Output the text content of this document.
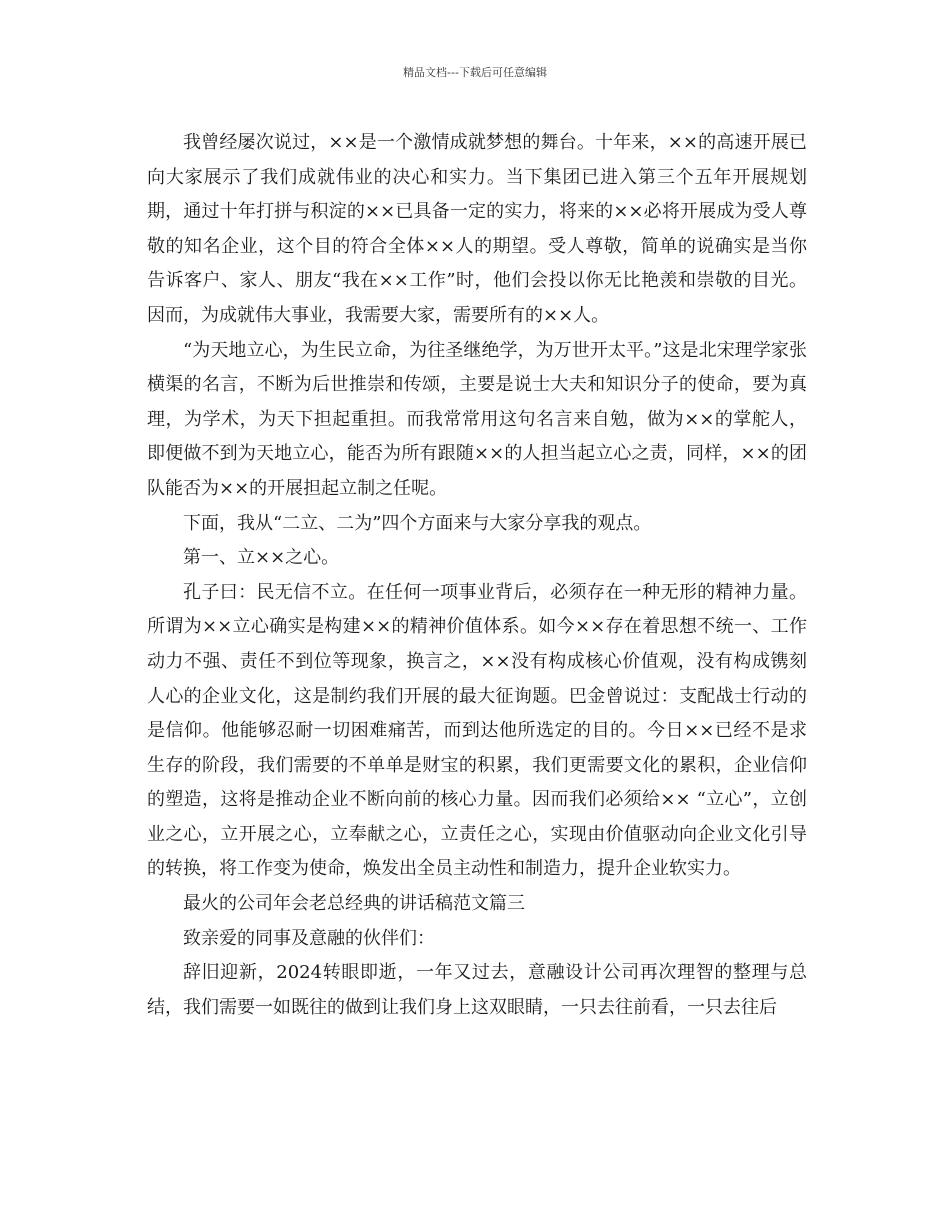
精品文档---下载后可任意编辑

我曾经屡次说过，××是一个激情成就梦想的舞台。十年来，××的高速开展已向大家展示了我们成就伟业的决心和实力。当下集团已进入第三个五年开展规划期，通过十年打拼与积淀的××已具备一定的实力，将来的××必将开展成为受人尊敬的知名企业，这个目的符合全体××人的期望。受人尊敬，简单的说确实是当你告诉客户、家人、朋友“我在××工作”时，他们会投以你无比艳羡和崇敬的目光。因而，为成就伟大事业，我需要大家，需要所有的××人。

“为天地立心，为生民立命，为往圣继绝学，为万世开太平。”这是北宋理学家张横渠的名言，不断为后世推崇和传颂，主要是说士大夫和知识分子的使命，要为真理，为学术，为天下担起重担。而我常常用这句名言来自勉，做为××的掌舵人，即便做不到为天地立心，能否为所有跟随××的人担当起立心之责，同样，××的团队能否为××的开展担起立制之任呢。

下面，我从“二立、二为”四个方面来与大家分享我的观点。

第一、立××之心。

孔子曰：民无信不立。在任何一项事业背后，必须存在一种无形的精神力量。所谓为××立心确实是构建××的精神价值体系。如今××存在着思想不统一、工作动力不强、责任不到位等现象，换言之，××没有构成核心价值观，没有构成镌刻人心的企业文化，这是制约我们开展的最大征询题。巴金曾说过：支配战士行动的是信仰。他能够忍耐一切困难痛苦，而到达他所选定的目的。今日××已经不是求生存的阶段，我们需要的不单单是财宝的积累，我们更需要文化的累积，企业信仰的塑造，这将是推动企业不断向前的核心力量。因而我们必须给×× “立心”，立创业之心，立开展之心，立奉献之心，立责任之心，实现由价值驱动向企业文化引导的转换，将工作变为使命，焕发出全员主动性和制造力，提升企业软实力。

最火的公司年会老总经典的讲话稿范文篇三

致亲爱的同事及意融的伙伴们：

辞旧迎新，2024转眼即逝，一年又过去，意融设计公司再次理智的整理与总结，我们需要一如既往的做到让我们身上这双眼睛，一只去往前看，一只去往后
